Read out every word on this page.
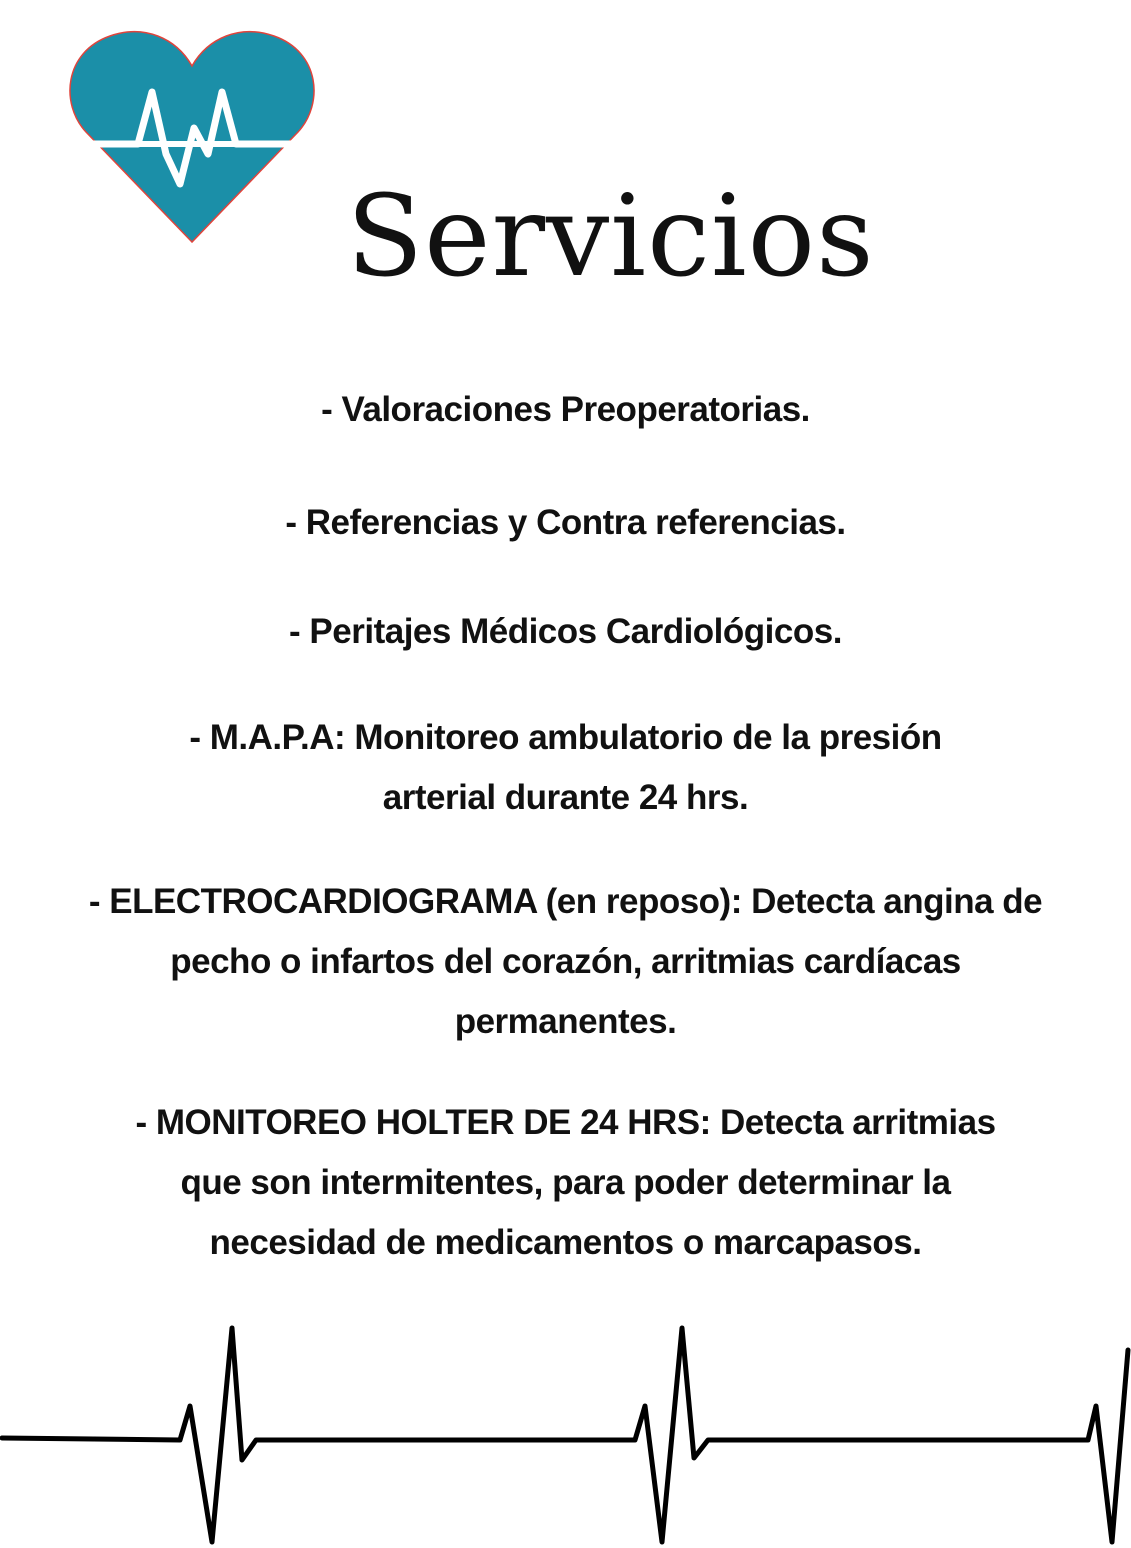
Servicios
- Valoraciones Preoperatorias.
- Referencias y Contra referencias.
- Peritajes Médicos Cardiológicos.
- M.A.P.A: Monitoreo ambulatorio de la presión
arterial durante 24 hrs.
- ELECTROCARDIOGRAMA (en reposo): Detecta angina de
pecho o infartos del corazón, arritmias cardíacas
permanentes.
- MONITOREO HOLTER DE 24 HRS: Detecta arritmias
que son intermitentes, para poder determinar la
necesidad de medicamentos o marcapasos.
